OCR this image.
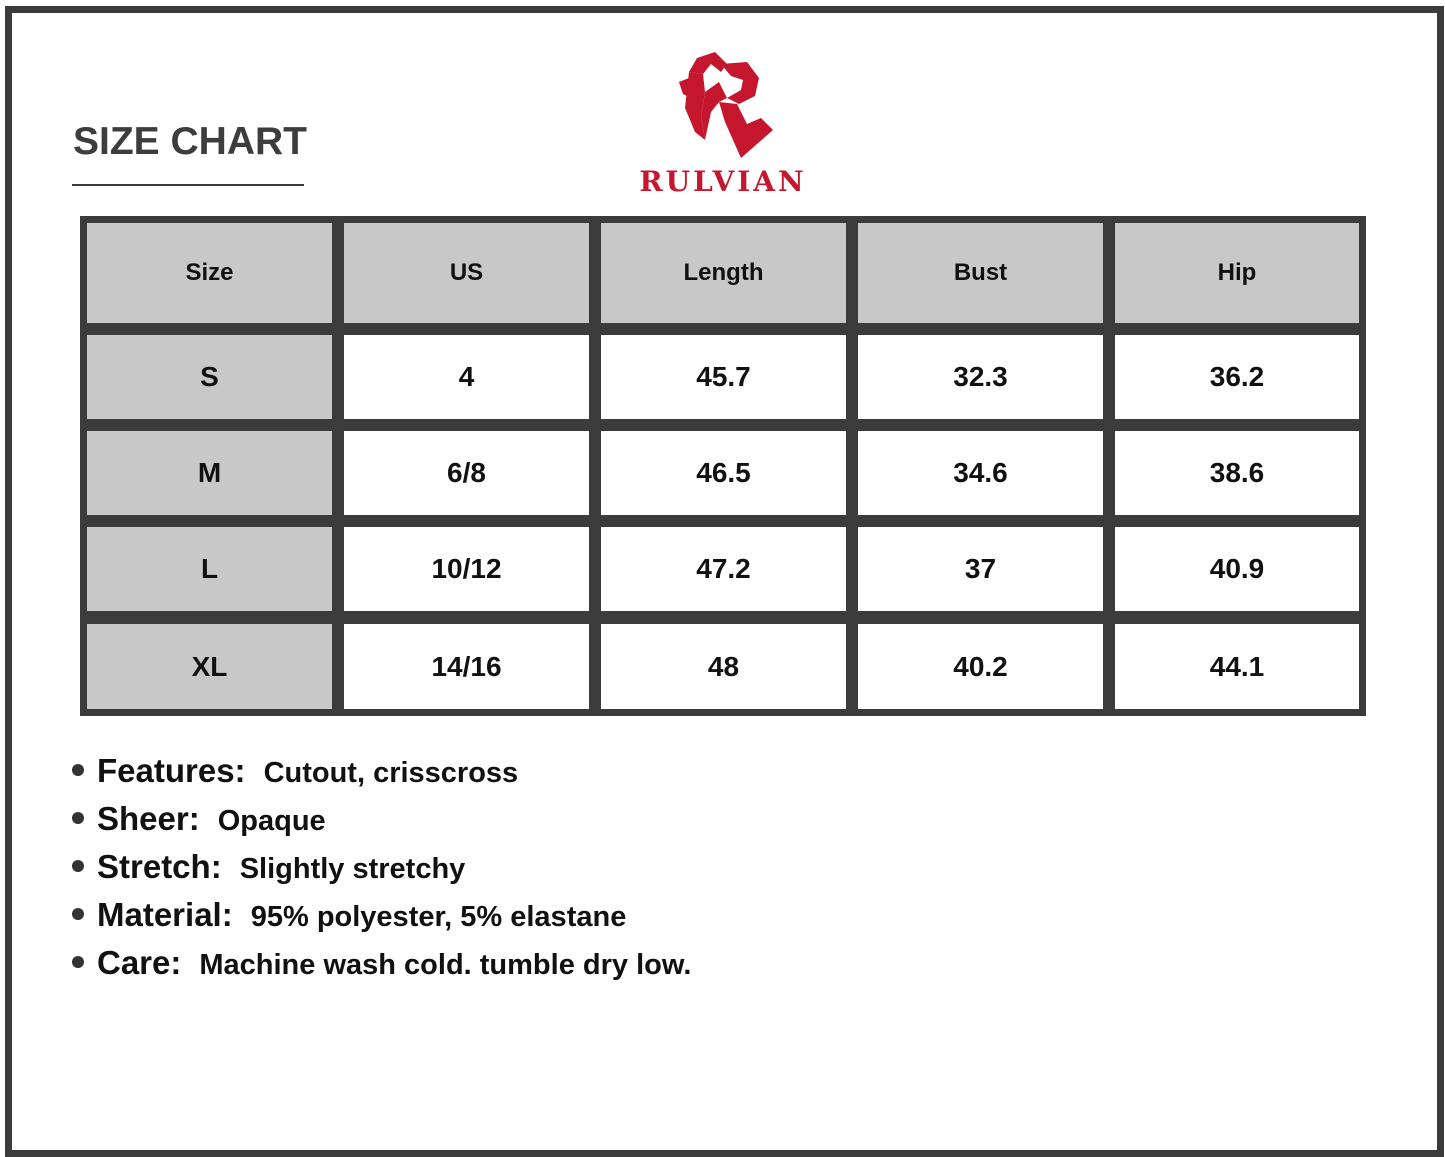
SIZE CHART
RULVIAN
Size	US	Length	Bust	Hip
S	4	45.7	32.3	36.2
M	6/8	46.5	34.6	38.6
L	10/12	47.2	37	40.9
XL	14/16	48	40.2	44.1
Features: Cutout, crisscross
Sheer: Opaque
Stretch: Slightly stretchy
Material: 95% polyester, 5% elastane
Care: Machine wash cold. tumble dry low.
